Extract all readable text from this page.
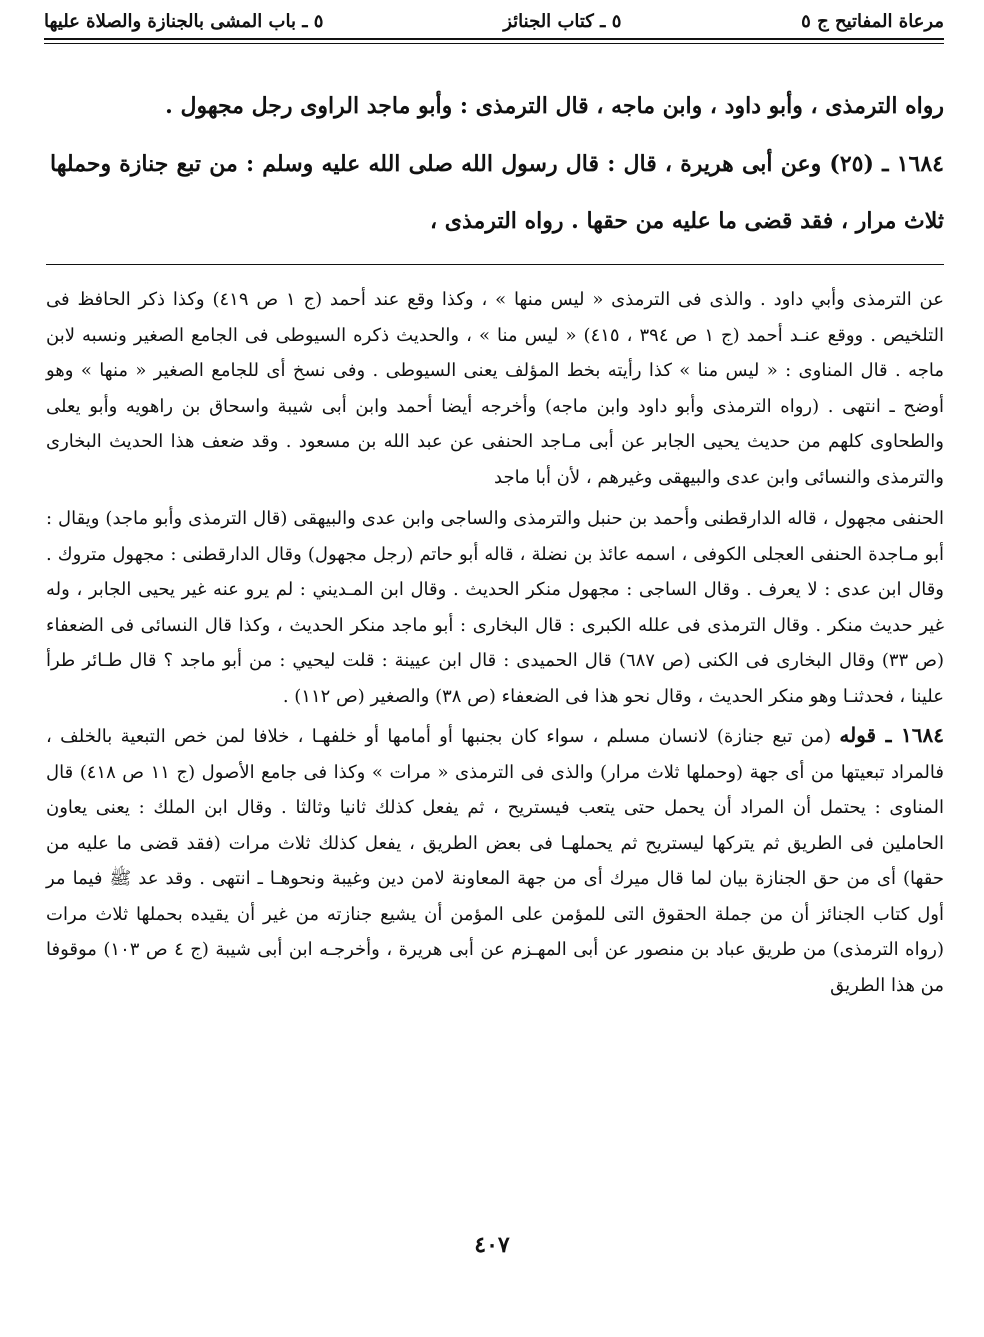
مرعاة المفاتيح ج ٥
٥ ـ كتاب الجنائز
٥ ـ باب المشى بالجنازة والصلاة عليها

رواه الترمذى ، وأبو داود ، وابن ماجه ، قال الترمذى : وأبو ماجد الراوى رجل مجهول .

١٦٨٤ ـ (٢٥) وعن أبى هريرة ، قال : قال رسول الله صلى الله عليه وسلم : من تبع جنازة وحملها ثلاث مرار ، فقد قضى ما عليه من حقها . رواه الترمذى ،

عن الترمذى وأبي داود . والذى فى الترمذى « ليس منها » ، وكذا وقع عند أحمد (ج ١ ص ٤١٩) وكذا ذكر الحافظ فى التلخيص . ووقع عنـد أحمد (ج ١ ص ٣٩٤ ، ٤١٥) « ليس منا » ، والحديث ذكره السيوطى فى الجامع الصغير ونسبه لابن ماجه . قال المناوى : « ليس منا » كذا رأيته بخط المؤلف يعنى السيوطى . وفى نسخ أى للجامع الصغير « منها » وهو أوضح ـ انتهى . (رواه الترمذى وأبو داود وابن ماجه) وأخرجه أيضا أحمد وابن أبى شيبة واسحاق بن راهويه وأبو يعلى والطحاوى كلهم من حديث يحيى الجابر عن أبى مـاجد الحنفى عن عبد الله بن مسعود . وقد ضعف هذا الحديث البخارى والترمذى والنسائى وابن عدى والبيهقى وغيرهم ، لأن أبا ماجد

الحنفى مجهول ، قاله الدارقطنى وأحمد بن حنبل والترمذى والساجى وابن عدى والبيهقى (قال الترمذى وأبو ماجد) ويقال : أبو مـاجدة الحنفى العجلى الكوفى ، اسمه عائذ بن نضلة ، قاله أبو حاتم (رجل مجهول) وقال الدارقطنى : مجهول متروك . وقال ابن عدى : لا يعرف . وقال الساجى : مجهول منكر الحديث . وقال ابن المـديني : لم يرو عنه غير يحيى الجابر ، وله غير حديث منكر . وقال الترمذى فى علله الكبرى : قال البخارى : أبو ماجد منكر الحديث ، وكذا قال النسائى فى الضعفاء (ص ٣٣) وقال البخارى فى الكنى (ص ٦٨٧) قال الحميدى : قال ابن عيينة : قلت ليحيي : من أبو ماجد ؟ قال طـائر طرأ علينا ، فحدثنـا وهو منكر الحديث ، وقال نحو هذا فى الضعفاء (ص ٣٨) والصغير (ص ١١٢) .

١٦٨٤ ـ قوله (من تبع جنازة) لانسان مسلم ، سواء كان بجنبها أو أمامها أو خلفهـا ، خلافا لمن خص التبعية بالخلف ، فالمراد تبعيتها من أى جهة (وحملها ثلاث مرار) والذى فى الترمذى « مرات » وكذا فى جامع الأصول (ج ١١ ص ٤١٨) قال المناوى : يحتمل أن المراد أن يحمل حتى يتعب فيستريح ، ثم يفعل كذلك ثانيا وثالثا . وقال ابن الملك : يعنى يعاون الحاملين فى الطريق ثم يتركها ليستريح ثم يحملهـا فى بعض الطريق ، يفعل كذلك ثلاث مرات (فقد قضى ما عليه من حقها) أى من حق الجنازة بيان لما قال ميرك أى من جهة المعاونة لامن دين وغيبة ونحوهـا ـ انتهى . وقد عد ﷺ فيما مر أول كتاب الجنائز أن من جملة الحقوق التى للمؤمن على المؤمن أن يشيع جنازته من غير أن يقيده بحملها ثلاث مرات (رواه الترمذى) من طريق عباد بن منصور عن أبى المهـزم عن أبى هريرة ، وأخرجـه ابن أبى شيبة (ج ٤ ص ١٠٣) موقوفا من هذا الطريق

٤٠٧
